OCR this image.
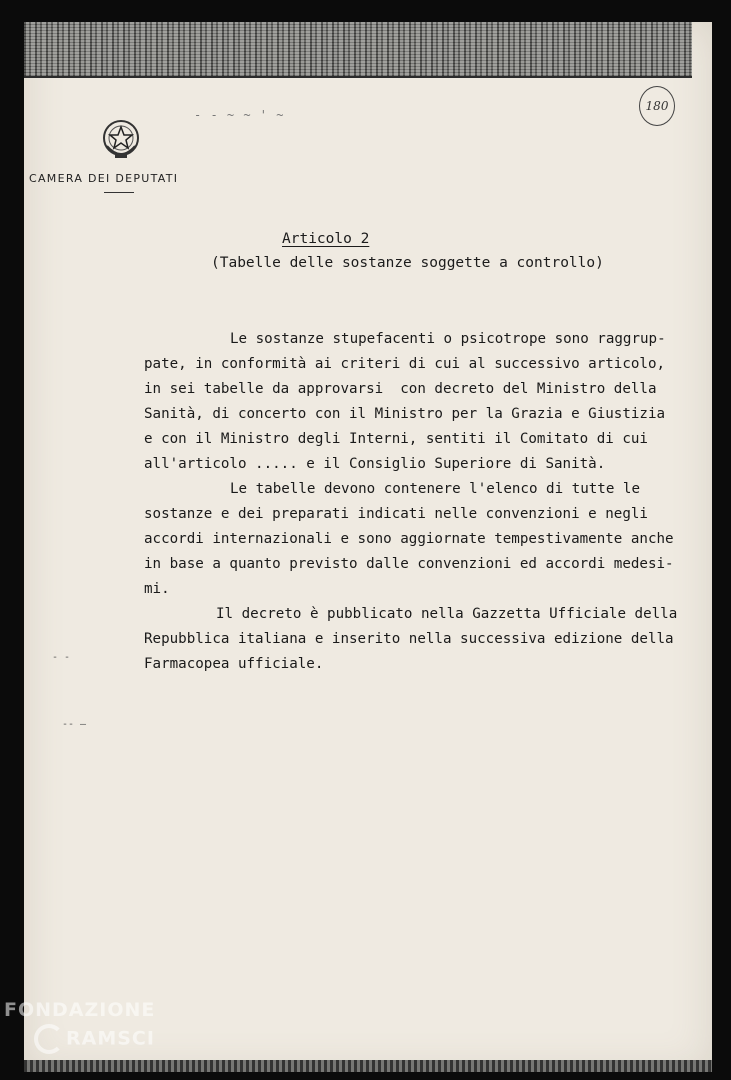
CAMERA DEI DEPUTATI
- - ~ ~ ' ~
180
Articolo 2
(Tabelle delle sostanze soggette a controllo)
Le sostanze stupefacenti o psicotrope sono raggrup-
pate, in conformità ai criteri di cui al successivo articolo,
in sei tabelle da approvarsi  con decreto del Ministro della
Sanità, di concerto con il Ministro per la Grazia e Giustizia
e con il Ministro degli Interni, sentiti il Comitato di cui
all'articolo ..... e il Consiglio Superiore di Sanità.
Le tabelle devono contenere l'elenco di tutte le
sostanze e dei preparati indicati nelle convenzioni e negli
accordi internazionali e sono aggiornate tempestivamente anche
in base a quanto previsto dalle convenzioni ed accordi medesi-
mi.
Il decreto è pubblicato nella Gazzetta Ufficiale della
Repubblica italiana e inserito nella successiva edizione della
Farmacopea ufficiale.
- -
-- —
FONDAZIONE
RAMSCI
